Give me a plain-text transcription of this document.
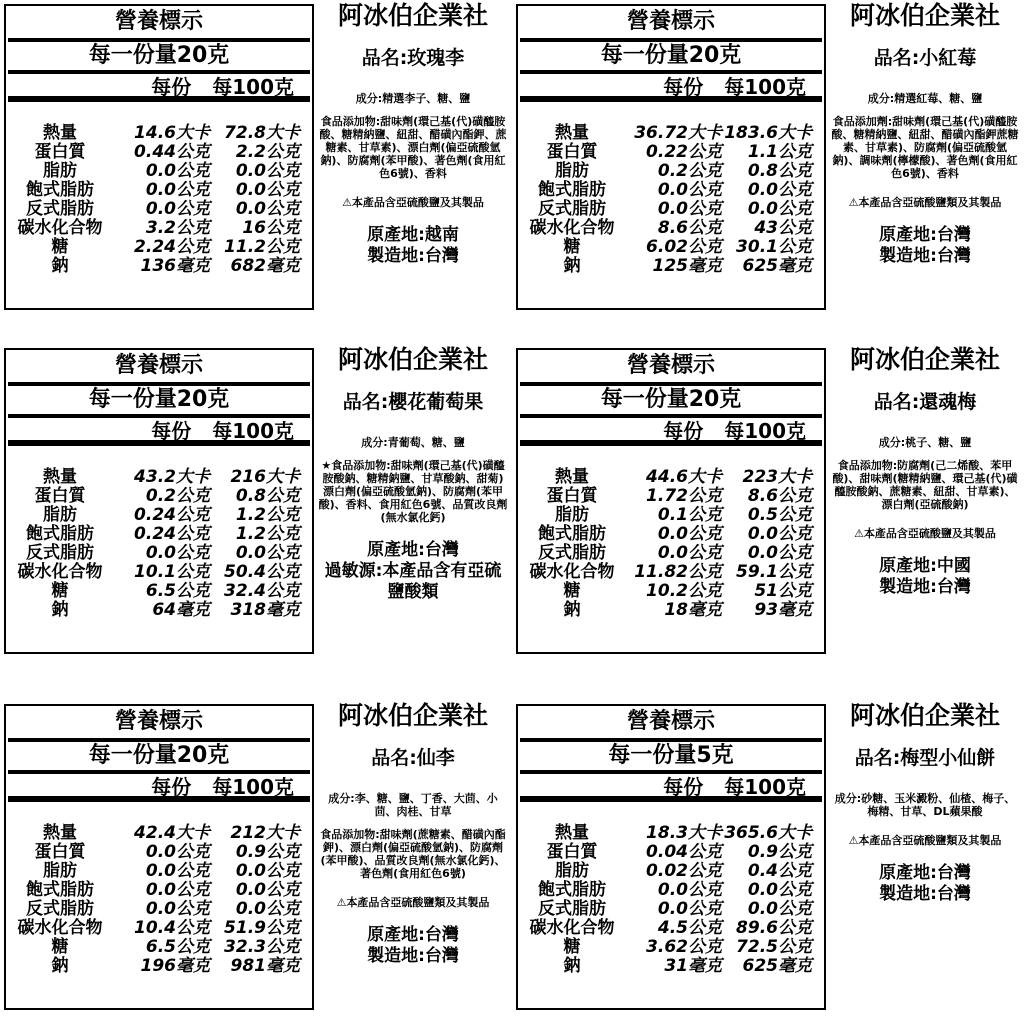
營養標示
每一份量20克
每份 每100克
熱量	14.6大卡 72.8大卡
蛋白質	0.44公克	2.2公克
脂肪	0.0公克	0.0公克
飽式脂肪	0.0公克	0.0公克
反式脂肪	0.0公克	0.0公克
碳水化合物	3.2公克	16公克
糖	2.24公克 11.2公克
鈉	136毫克	682毫克
阿冰伯企業社
品名:玫瑰李
成分:精選李子、糖、鹽
食品添加物:甜味劑(環己基(代)磺醯胺酸、糖精納鹽、紐甜、醋磺內酯鉀、蔗糖素、甘草素)、漂白劑(偏亞硫酸氫鈉)、防腐劑(苯甲酸)、著色劑(食用紅色6號)、香料
⚠本產品含亞硫酸鹽及其製品
原產地:越南
製造地:台灣
營養標示
每一份量20克
每份 每100克
熱量	36.72大卡 183.6大卡
蛋白質	0.22公克	1.1公克
脂肪	0.2公克	0.8公克
飽式脂肪	0.0公克	0.0公克
反式脂肪	0.0公克	0.0公克
碳水化合物	8.6公克	43公克
糖	6.02公克 30.1公克
鈉	125毫克	625毫克
阿冰伯企業社
品名:小紅莓
成分:精選紅莓、糖、鹽
食品添加劑:甜味劑(環己基(代)磺醯胺酸、糖精納鹽、紐甜、醋磺內酯鉀蔗糖素、甘草素)、防腐劑(偏亞硫酸氫鈉)、調味劑(檸檬酸)、著色劑(食用紅色6號)、香料
⚠本產品含亞硫酸鹽類及其製品
原產地:台灣
製造地:台灣
營養標示
每一份量20克
每份 每100克
熱量	43.2大卡	216大卡
蛋白質	0.2公克	0.8公克
脂肪	0.24公克	1.2公克
飽式脂肪	0.24公克	1.2公克
反式脂肪	0.0公克	0.0公克
碳水化合物	10.1公克 50.4公克
糖	6.5公克 32.4公克
鈉	64毫克	318毫克
阿冰伯企業社
品名:櫻花葡萄果
成分:青葡萄、糖、鹽
★食品添加物:甜味劑(環己基(代)磺醯胺酸鈉、糖精鈉鹽、甘草酸鈉、甜菊)漂白劑(偏亞硫酸氫鈉)、防腐劑(苯甲酸)、香料、食用紅色6號、品質改良劑(無水氯化鈣)
原產地:台灣
過敏源:本產品含有亞硫鹽酸類
營養標示
每一份量20克
每份 每100克
熱量	44.6大卡	223大卡
蛋白質	1.72公克	8.6公克
脂肪	0.1公克	0.5公克
飽式脂肪	0.0公克	0.0公克
反式脂肪	0.0公克	0.0公克
碳水化合物	11.82公克 59.1公克
糖	10.2公克	51公克
鈉	18毫克	93毫克
阿冰伯企業社
品名:還魂梅
成分:桃子、糖、鹽
食品添加物:防腐劑(己二烯酸、苯甲酸)、甜味劑(糖精納鹽、環己基(代)磺醯胺酸鈉、蔗糖素、紐甜、甘草素)、漂白劑(亞硫酸鈉)
⚠本產品含亞硫酸鹽及其製品
原產地:中國
製造地:台灣
營養標示
每一份量20克
每份 每100克
熱量	42.4大卡	212大卡
蛋白質	0.0公克	0.9公克
脂肪	0.0公克	0.0公克
飽式脂肪	0.0公克	0.0公克
反式脂肪	0.0公克	0.0公克
碳水化合物	10.4公克 51.9公克
糖	6.5公克 32.3公克
鈉	196毫克	981毫克
阿冰伯企業社
品名:仙李
成分:李、糖、鹽、丁香、大茴、小茴、肉桂、甘草
食品添加物:甜味劑(蔗糖素、醋磺內酯鉀)、漂白劑(偏亞硫酸氫鈉)、防腐劑(苯甲酸)、品質改良劑(無水氯化鈣)、著色劑(食用紅色6號)
⚠本產品含亞硫酸鹽類及其製品
原產地:台灣
製造地:台灣
營養標示
每一份量5克
每份 每100克
熱量	18.3大卡 365.6大卡
蛋白質	0.04公克	0.9公克
脂肪	0.02公克	0.4公克
飽式脂肪	0.0公克	0.0公克
反式脂肪	0.0公克	0.0公克
碳水化合物	4.5公克 89.6公克
糖	3.62公克 72.5公克
鈉	31毫克	625毫克
阿冰伯企業社
品名:梅型小仙餅
成分:砂糖、玉米澱粉、仙楂、梅子、梅精、甘草、DL蘋果酸
⚠本產品含亞硫酸鹽類及其製品
原產地:台灣
製造地:台灣
